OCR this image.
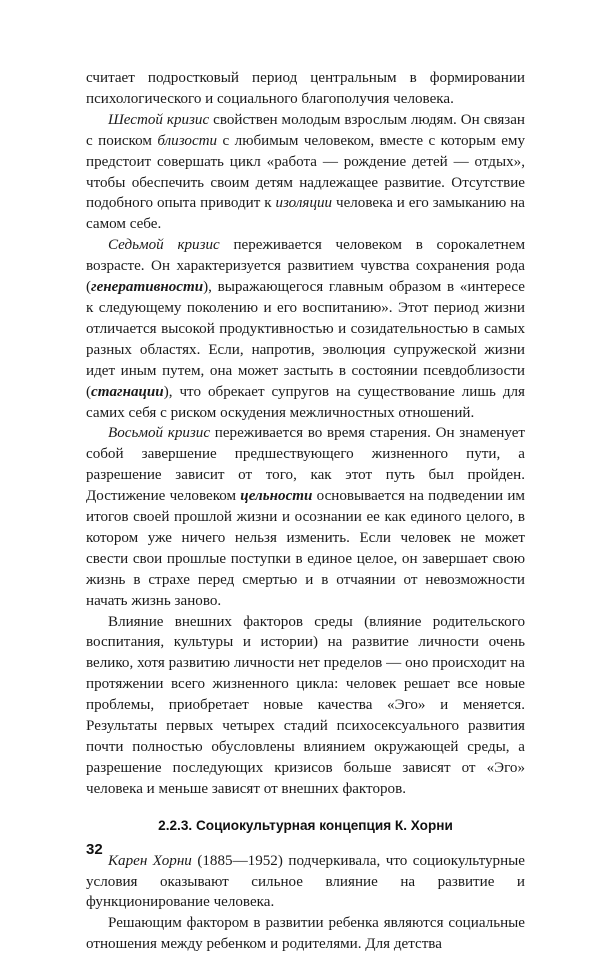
считает подростковый период центральным в формировании психологического и социального благополучия человека.

Шестой кризис свойствен молодым взрослым людям. Он связан с поиском близости с любимым человеком, вместе с которым ему предстоит совершать цикл «работа — рождение детей — отдых», чтобы обеспечить своим детям надлежащее развитие. Отсутствие подобного опыта приводит к изоляции человека и его замыканию на самом себе.

Седьмой кризис переживается человеком в сорокалетнем возрасте. Он характеризуется развитием чувства сохранения рода (генеративности), выражающегося главным образом в «интересе к следующему поколению и его воспитанию». Этот период жизни отличается высокой продуктивностью и созидательностью в самых разных областях. Если, напротив, эволюция супружеской жизни идет иным путем, она может застыть в состоянии псевдоблизости (стагнации), что обрекает супругов на существование лишь для самих себя с риском оскудения межличностных отношений.

Восьмой кризис переживается во время старения. Он знаменует собой завершение предшествующего жизненного пути, а разрешение зависит от того, как этот путь был пройден. Достижение человеком цельности основывается на подведении им итогов своей прошлой жизни и осознании ее как единого целого, в котором уже ничего нельзя изменить. Если человек не может свести свои прошлые поступки в единое целое, он завершает свою жизнь в страхе перед смертью и в отчаянии от невозможности начать жизнь заново.

Влияние внешних факторов среды (влияние родительского воспитания, культуры и истории) на развитие личности очень велико, хотя развитию личности нет пределов — оно происходит на протяжении всего жизненного цикла: человек решает все новые проблемы, приобретает новые качества «Эго» и меняется. Результаты первых четырех стадий психосексуального развития почти полностью обусловлены влиянием окружающей среды, а разрешение последующих кризисов больше зависят от «Эго» человека и меньше зависят от внешних факторов.

2.2.3. Социокультурная концепция К. Хорни

Карен Хорни (1885—1952) подчеркивала, что социокультурные условия оказывают сильное влияние на развитие и функционирование человека.

Решающим фактором в развитии ребенка являются социальные отношения между ребенком и родителями. Для детства

32
